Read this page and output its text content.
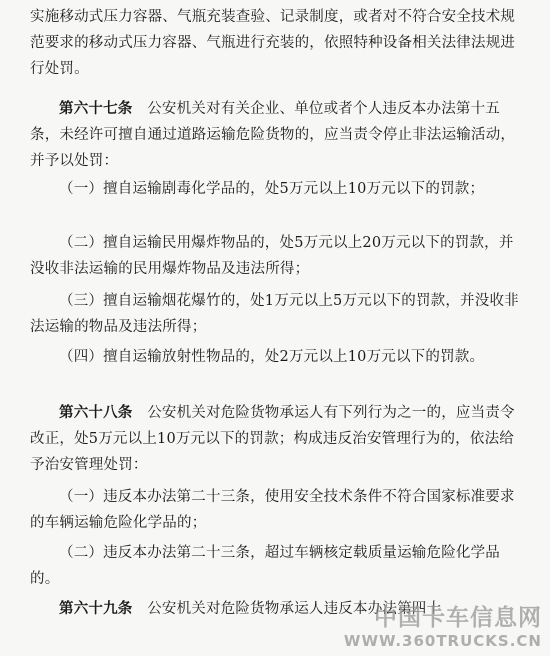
实施移动式压力容器、气瓶充装查验、记录制度，或者对不符合安全技术规范要求的移动式压力容器、气瓶进行充装的，依照特种设备相关法律法规进行处罚。

第六十七条　 公安机关对有关企业、单位或者个人违反本办法第十五条，未经许可擅自通过道路运输危险货物的，应当责令停止非法运输活动，并予以处罚：

（一）擅自运输剧毒化学品的，处5万元以上10万元以下的罚款；

（二）擅自运输民用爆炸物品的，处5万元以上20万元以下的罚款，并没收非法运输的民用爆炸物品及违法所得；

（三）擅自运输烟花爆竹的，处1万元以上5万元以下的罚款，并没收非法运输的物品及违法所得；

（四）擅自运输放射性物品的，处2万元以上10万元以下的罚款。

第六十八条　 公安机关对危险货物承运人有下列行为之一的，应当责令改正，处5万元以上10万元以下的罚款；构成违反治安管理行为的，依法给予治安管理处罚：

（一）违反本办法第二十三条，使用安全技术条件不符合国家标准要求的车辆运输危险化学品的；

（二）违反本办法第二十三条，超过车辆核定载质量运输危险化学品的。

第六十九条　 公安机关对危险货物承运人违反本办法第四十

中国卡车信息网
WWW.360TRUCKS.CN
